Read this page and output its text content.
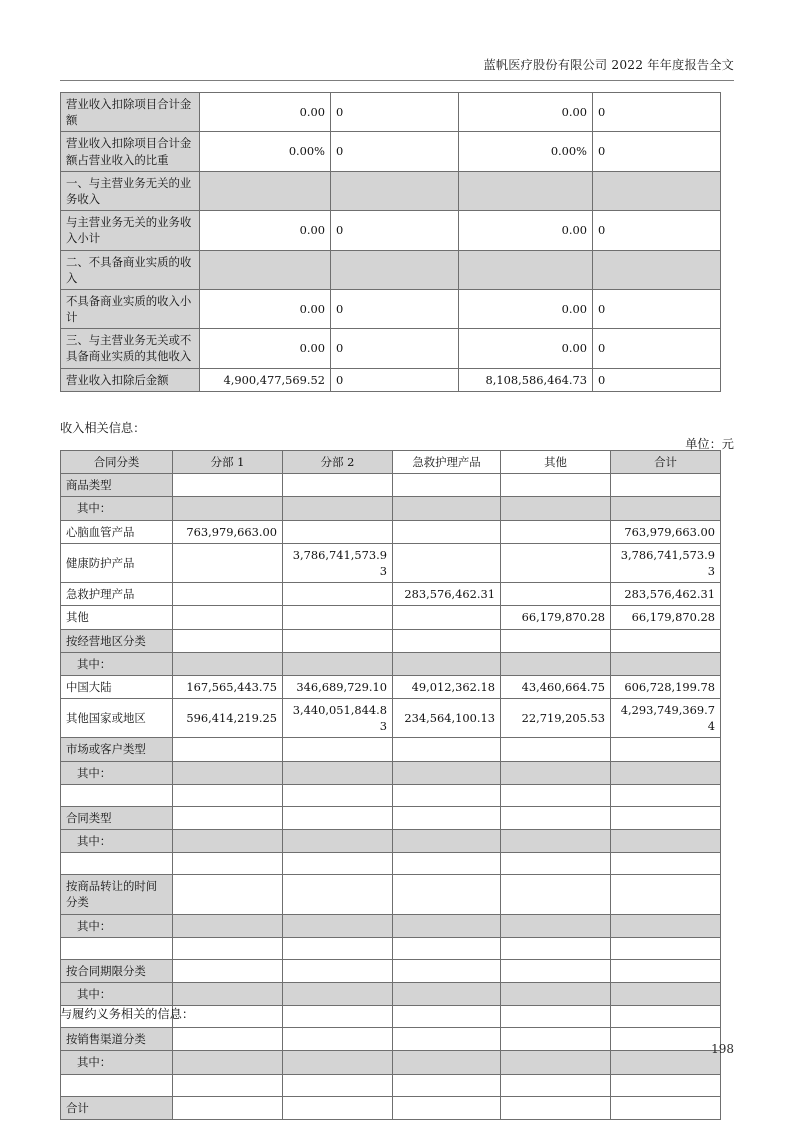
蓝帆医疗股份有限公司 2022 年年度报告全文
营业收入扣除项目合计金额	0.00	0	0.00	0
营业收入扣除项目合计金额占营业收入的比重	0.00%	0	0.00%	0
一、与主营业务无关的业务收入				
与主营业务无关的业务收入小计	0.00	0	0.00	0
二、不具备商业实质的收入				
不具备商业实质的收入小计	0.00	0	0.00	0
三、与主营业务无关或不具备商业实质的其他收入	0.00	0	0.00	0
营业收入扣除后金额	4,900,477,569.52	0	8,108,586,464.73	0
收入相关信息：
单位：元
合同分类	分部 1	分部 2	急救护理产品	其他	合计
商品类型					
其中：					
心脑血管产品	763,979,663.00				763,979,663.00
健康防护产品		3,786,741,573.93			3,786,741,573.93
急救护理产品			283,576,462.31		283,576,462.31
其他				66,179,870.28	66,179,870.28
按经营地区分类					
其中：					
中国大陆	167,565,443.75	346,689,729.10	49,012,362.18	43,460,664.75	606,728,199.78
其他国家或地区	596,414,219.25	3,440,051,844.83	234,564,100.13	22,719,205.53	4,293,749,369.74
市场或客户类型					
其中：					

合同类型					
其中：					

按商品转让的时间分类					
其中：					

按合同期限分类					
其中：					

按销售渠道分类					
其中：					

合计					
与履约义务相关的信息：
198
